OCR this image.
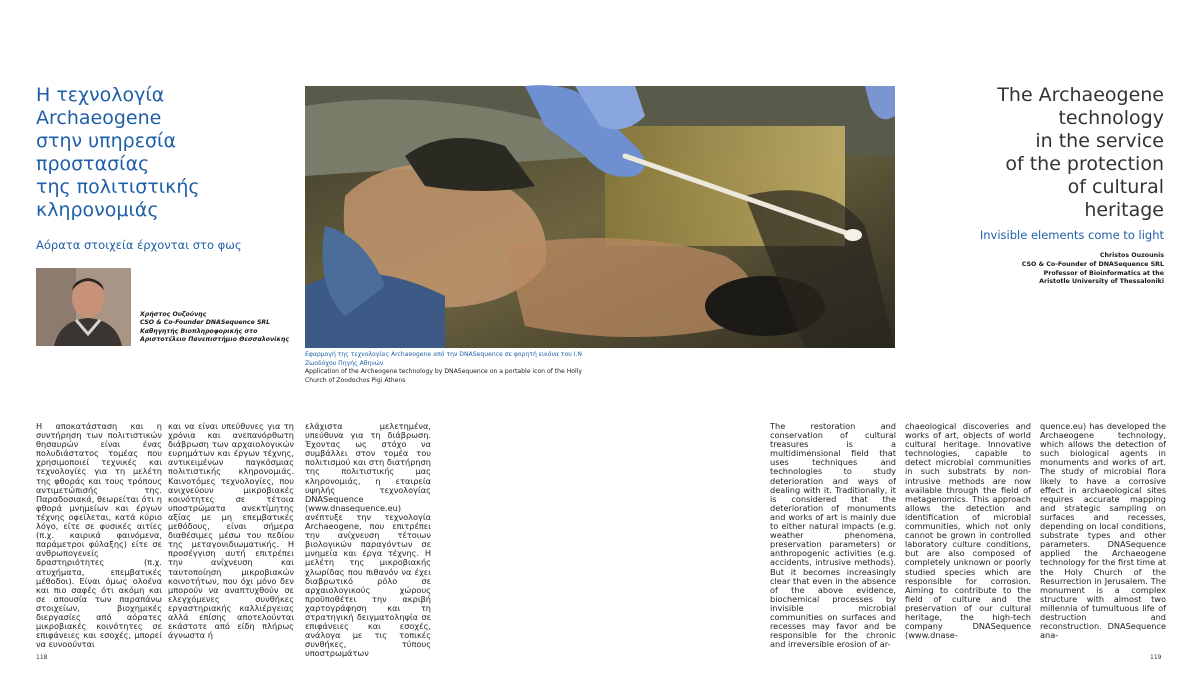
Η τεχνολογία
Archaeogene
στην υπηρεσία
προστασίας
της πολιτιστικής
κληρονομιάς
Αόρατα στοιχεία έρχονται στο φως
Χρήστος Ουζούνης
CSO & Co-Founder DNASequence SRL
Καθηγητής Βιοπληροφορικής στο
Αριστοτέλειο Πανεπιστήμιο Θεσσαλονίκης
Εφαρμογή της τεχνολογίας Archaeogene από την DNASequence σε φορητή εικόνα του Ι.Ν Ζωοδόχου Πηγής Αθηνών
Application of the Archeogene technology by DNASequence on a portable icon of the Holly Church of Zoodochos Pigi Athens
The Archaeogene
technology
in the service
of the protection
of cultural
heritage
Invisible elements come to light
Christos Ouzounis
CSO & Co-Founder of DNASequence SRL
Professor of Bioinformatics at the
Aristotle University of Thessaloniki
Η αποκατάσταση και η συντήρηση των πολιτιστικών θησαυρών είναι ένας πολυδιάστατος τομέας που χρησιμοποιεί τεχνικές και τεχνολογίες για τη μελέτη της φθοράς και τους τρόπους αντιμετώπισής της. Παραδοσιακά, θεωρείται ότι η φθορά μνημείων και έργων τέχνης οφείλεται, κατά κύριο λόγο, είτε σε φυσικές αιτίες (π.χ. καιρικά φαινόμενα, παράμετροι φύλαξης) είτε σε ανθρωπογενείς δραστηριότητες (π.χ. ατυχήματα, επεμβατικές μέθοδοι). Είναι όμως ολοένα και πιο σαφές ότι ακόμη και σε απουσία των παραπάνω στοιχείων, βιοχημικές διεργασίες από αόρατες μικροβιακές κοινότητες σε επιφάνειες και εσοχές, μπορεί να ευνοούνται
και να είναι υπεύθυνες για τη χρόνια και ανεπανόρθωτη διάβρωση των αρχαιολογικών ευρημάτων και έργων τέχνης, αντικειμένων παγκόσμιας πολιτιστικής κληρονομιάς. Καινοτόμες τεχνολογίες, που ανιχνεύουν μικροβιακές κοινότητες σε τέτοια υποστρώματα ανεκτίμητης αξίας με μη επεμβατικές μεθόδους, είναι σήμερα διαθέσιμες μέσω του πεδίου της μεταγονιδιωματικής. Η προσέγγιση αυτή επιτρέπει την ανίχνευση και ταυτοποίηση μικροβιακών κοινοτήτων, που όχι μόνο δεν μπορούν να αναπτυχθούν σε ελεγχόμενες συνθήκες εργαστηριακής καλλιέργειας αλλά επίσης αποτελούνται εκάστοτε από είδη πλήρως άγνωστα ή
ελάχιστα μελετημένα, υπεύθυνα για τη διάβρωση. Έχοντας ως στόχο να συμβάλλει στον τομέα του πολιτισμού και στη διατήρηση της πολιτιστικής μας κληρονομιάς, η εταιρεία υψηλής τεχνολογίας DNASequence (www.dnasequence.eu) ανέπτυξε την τεχνολογία Archaeogene, που επιτρέπει την ανίχνευση τέτοιων βιολογικών παραγόντων σε μνημεία και έργα τέχνης. Η μελέτη της μικροβιακής χλωρίδας που πιθανόν να έχει διαβρωτικό ρόλο σε αρχαιολογικούς χώρους προϋποθέτει την ακριβή χαρτογράφηση και τη στρατηγική δειγματοληψία σε επιφάνειες και εσοχές, ανάλογα με τις τοπικές συνθήκες, τύπους υποστρωμάτων
118
The restoration and conservation of cultural treasures is a multidimensional field that uses techniques and technologies to study deterioration and ways of dealing with it. Traditionally, it is considered that the deterioration of monuments and works of art is mainly due to either natural impacts (e.g. weather phenomena, preservation parameters) or anthropogenic activities (e.g. accidents, intrusive methods). But it becomes increasingly clear that even in the absence of the above evidence, biochemical processes by invisible microbial communities on surfaces and recesses may favor and be responsible for the chronic and irreversible erosion of ar-
chaeological discoveries and works of art, objects of world cultural heritage. Innovative technologies, capable to detect microbial communities in such substrats by non-intrusive methods are now available through the field of metagenomics. This approach allows the detection and identification of microbial communities, which not only cannot be grown in controlled laboratory culture conditions, but are also composed of completely unknown or poorly studied species which are responsible for corrosion. Aiming to contribute to the field of culture and the preservation of our cultural heritage, the high-tech company DNASequence (www.dnase-
quence.eu) has developed the Archaeogene technology, which allows the detection of such biological agents in monuments and works of art. The study of microbial flora likely to have a corrosive effect in archaeological sites requires accurate mapping and strategic sampling on surfaces and recesses, depending on local conditions, substrate types and other parameters. DNASequence applied the Archaeogene technology for the first time at the Holy Church of the Resurrection in Jerusalem. The monument is a complex structure with almost two millennia of tumultuous life of destruction and reconstruction. DNASequence ana-
119
